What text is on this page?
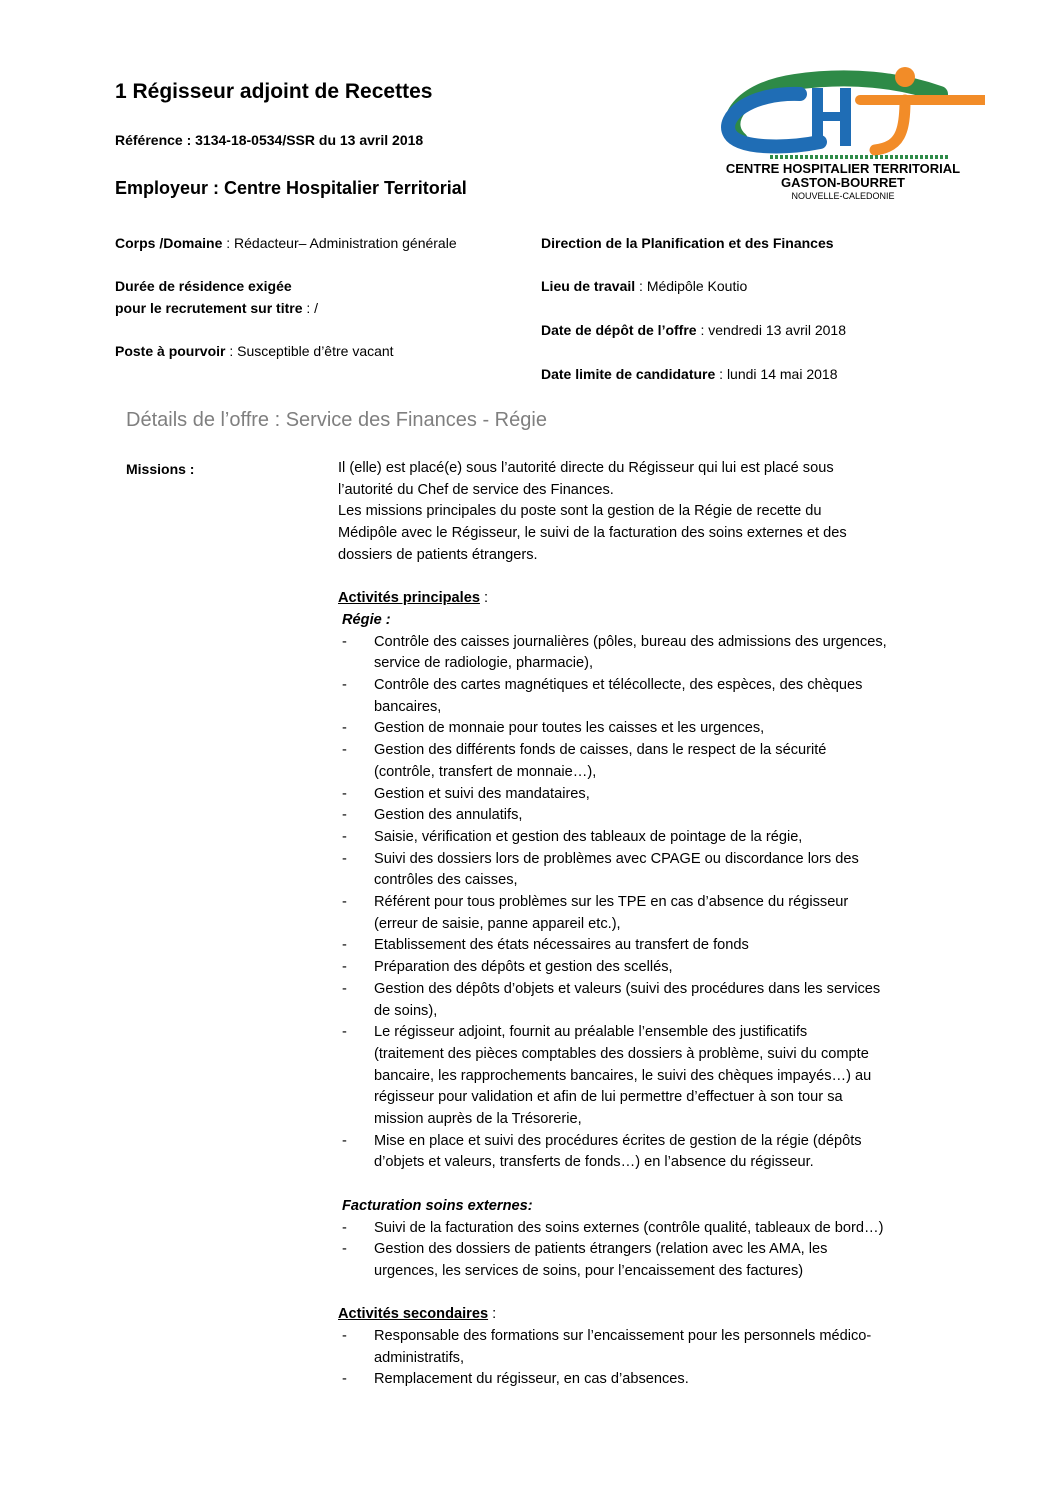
1 Régisseur adjoint de Recettes
Référence : 3134-18-0534/SSR du 13 avril 2018
Employeur : Centre Hospitalier Territorial
CENTRE HOSPITALIER TERRITORIAL
GASTON-BOURRET
NOUVELLE-CALEDONIE
Corps /Domaine : Rédacteur– Administration générale
Durée de résidence exigée
pour le recrutement sur titre : /
Poste à pourvoir : Susceptible d’être vacant
Direction de la Planification et des Finances
Lieu de travail : Médipôle Koutio
Date de dépôt de l’offre : vendredi 13 avril 2018
Date limite de candidature : lundi 14 mai 2018
Détails de l’offre : Service des Finances - Régie
Missions :	Il (elle) est placé(e) sous l’autorité directe du Régisseur qui lui est placé sous

l’autorité du Chef de service des Finances.

Les missions principales du poste sont la gestion de la Régie de recette du

Médipôle avec le Régisseur, le suivi de la facturation des soins externes et des

dossiers de patients étrangers.

Activités principales :

Régie :

- Contrôle des caisses journalières (pôles, bureau des admissions des urgences,
service de radiologie, pharmacie),
- Contrôle des cartes magnétiques et télécollecte, des espèces, des chèques
bancaires,
- Gestion de monnaie pour toutes les caisses et les urgences,
- Gestion des différents fonds de caisses, dans le respect de la sécurité
(contrôle, transfert de monnaie…),
- Gestion et suivi des mandataires,
- Gestion des annulatifs,
- Saisie, vérification et gestion des tableaux de pointage de la régie,
- Suivi des dossiers lors de problèmes avec CPAGE ou discordance lors des
contrôles des caisses,
- Référent pour tous problèmes sur les TPE en cas d’absence du régisseur
(erreur de saisie, panne appareil etc.),
- Etablissement des états nécessaires au transfert de fonds
- Préparation des dépôts et gestion des scellés,
- Gestion des dépôts d’objets et valeurs (suivi des procédures dans les services
de soins),
- Le régisseur adjoint, fournit au préalable l’ensemble des justificatifs
(traitement des pièces comptables des dossiers à problème, suivi du compte
bancaire, les rapprochements bancaires, le suivi des chèques impayés…) au
régisseur pour validation et afin de lui permettre d’effectuer à son tour sa
mission auprès de la Trésorerie,
- Mise en place et suivi des procédures écrites de gestion de la régie (dépôts
d’objets et valeurs, transferts de fonds…) en l’absence du régisseur.

Facturation soins externes:

- Suivi de la facturation des soins externes (contrôle qualité, tableaux de bord…)
- Gestion des dossiers de patients étrangers (relation avec les AMA, les
urgences, les services de soins, pour l’encaissement des factures)

Activités secondaires :

- Responsable des formations sur l’encaissement pour les personnels médico-
administratifs,
- Remplacement du régisseur, en cas d’absences.
